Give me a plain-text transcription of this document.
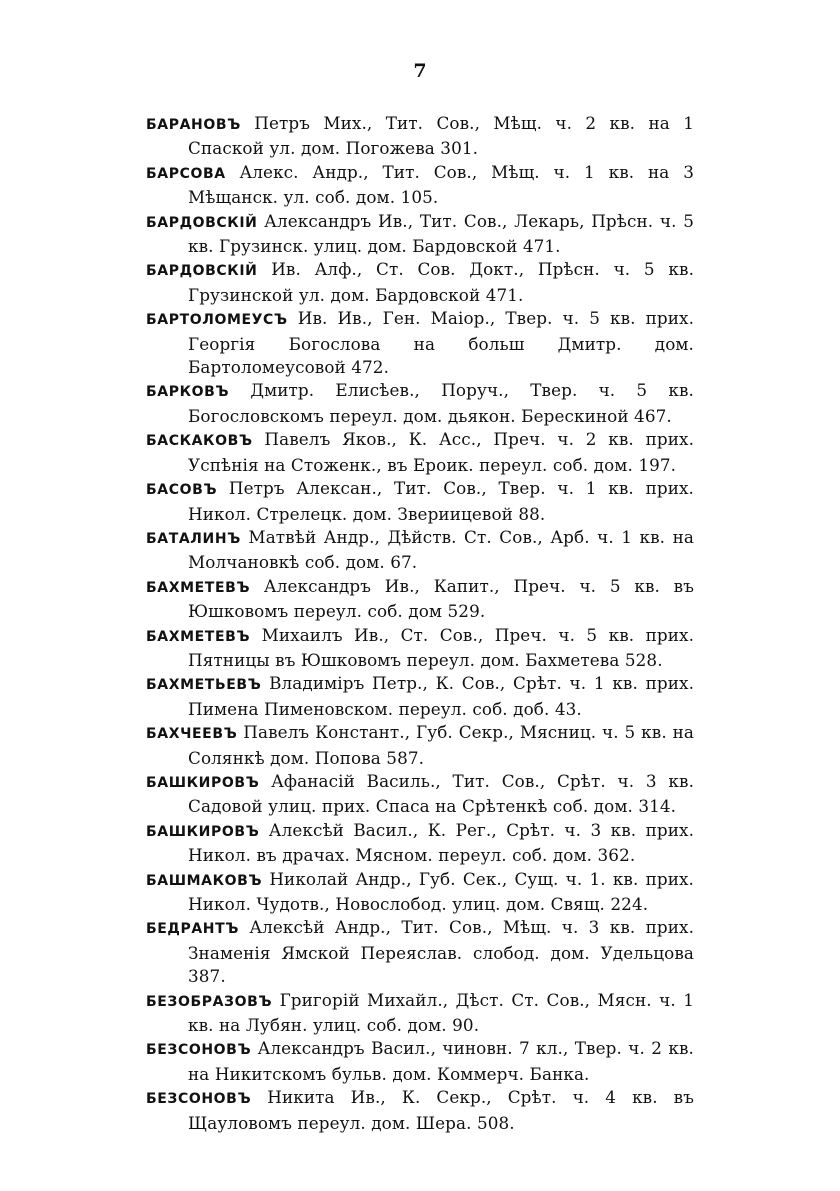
7
БАРАНОВЪ Петръ Мих., Тит. Сов., Мѣщ. ч. 2 кв. на 1 Спаской ул. дом. Погожева 301.
БАРСОВА Алекс. Андр., Тит. Сов., Мѣщ. ч. 1 кв. на 3 Мѣщанск. ул. соб. дом. 105.
БАРДОВСКІЙ Александръ Ив., Тит. Сов., Лекарь, Прѣсн. ч. 5 кв. Грузинск. улиц. дом. Бардовской 471.
БАРДОВСКІЙ Ив. Алф., Ст. Сов. Докт., Прѣсн. ч. 5 кв. Грузинской ул. дом. Бардовской 471.
БАРТОЛОМЕУСЪ Ив. Ив., Ген. Маіор., Твер. ч. 5 кв. прих. Георгія Богослова на больш Дмитр. дом. Бартоломеусовой 472.
БАРКОВЪ Дмитр. Елисѣев., Поруч., Твер. ч. 5 кв. Богословскомъ переул. дом. дьякон. Берескиной 467.
БАСКАКОВЪ Павелъ Яков., К. Асс., Преч. ч. 2 кв. прих. Успѣнія на Стоженк., въ Ероик. переул. соб. дом. 197.
БАСОВЪ Петръ Алексан., Тит. Сов., Твер. ч. 1 кв. прих. Никол. Стрелецк. дом. Звериицевой 88.
БАТАЛИНЪ Матвѣй Андр., Дѣйств. Ст. Сов., Арб. ч. 1 кв. на Молчановкѣ соб. дом. 67.
БАХМЕТЕВЪ Александръ Ив., Капит., Преч. ч. 5 кв. въ Юшковомъ переул. соб. дом 529.
БАХМЕТЕВЪ Михаилъ Ив., Ст. Сов., Преч. ч. 5 кв. прих. Пятницы въ Юшковомъ переул. дом. Бахметева 528.
БАХМЕТЬЕВЪ Владиміръ Петр., К. Сов., Срѣт. ч. 1 кв. прих. Пимена Пименовском. переул. соб. доб. 43.
БАХЧЕЕВЪ Павелъ Констант., Губ. Секр., Мясниц. ч. 5 кв. на Солянкѣ дом. Попова 587.
БАШКИРОВЪ Афанасій Василь., Тит. Сов., Срѣт. ч. 3 кв. Садовой улиц. прих. Спаса на Срѣтенкѣ соб. дом. 314.
БАШКИРОВЪ Алексѣй Васил., К. Рег., Срѣт. ч. 3 кв. прих. Никол. въ драчах. Мясном. переул. соб. дом. 362.
БАШМАКОВЪ Николай Андр., Губ. Сек., Сущ. ч. 1. кв. прих. Никол. Чудотв., Новослобод. улиц. дом. Свящ. 224.
БЕДРАНТЪ Алексѣй Андр., Тит. Сов., Мѣщ. ч. 3 кв. прих. Знаменія Ямской Переяслав. слобод. дом. Удельцова 387.
БЕЗОБРАЗОВЪ Григорій Михайл., Дѣст. Ст. Сов., Мясн. ч. 1 кв. на Лубян. улиц. соб. дом. 90.
БЕЗСОНОВЪ Александръ Васил., чиновн. 7 кл., Твер. ч. 2 кв. на Никитскомъ бульв. дом. Коммерч. Банка.
БЕЗСОНОВЪ Никита Ив., К. Секр., Срѣт. ч. 4 кв. въ Щауловомъ переул. дом. Шера. 508.
